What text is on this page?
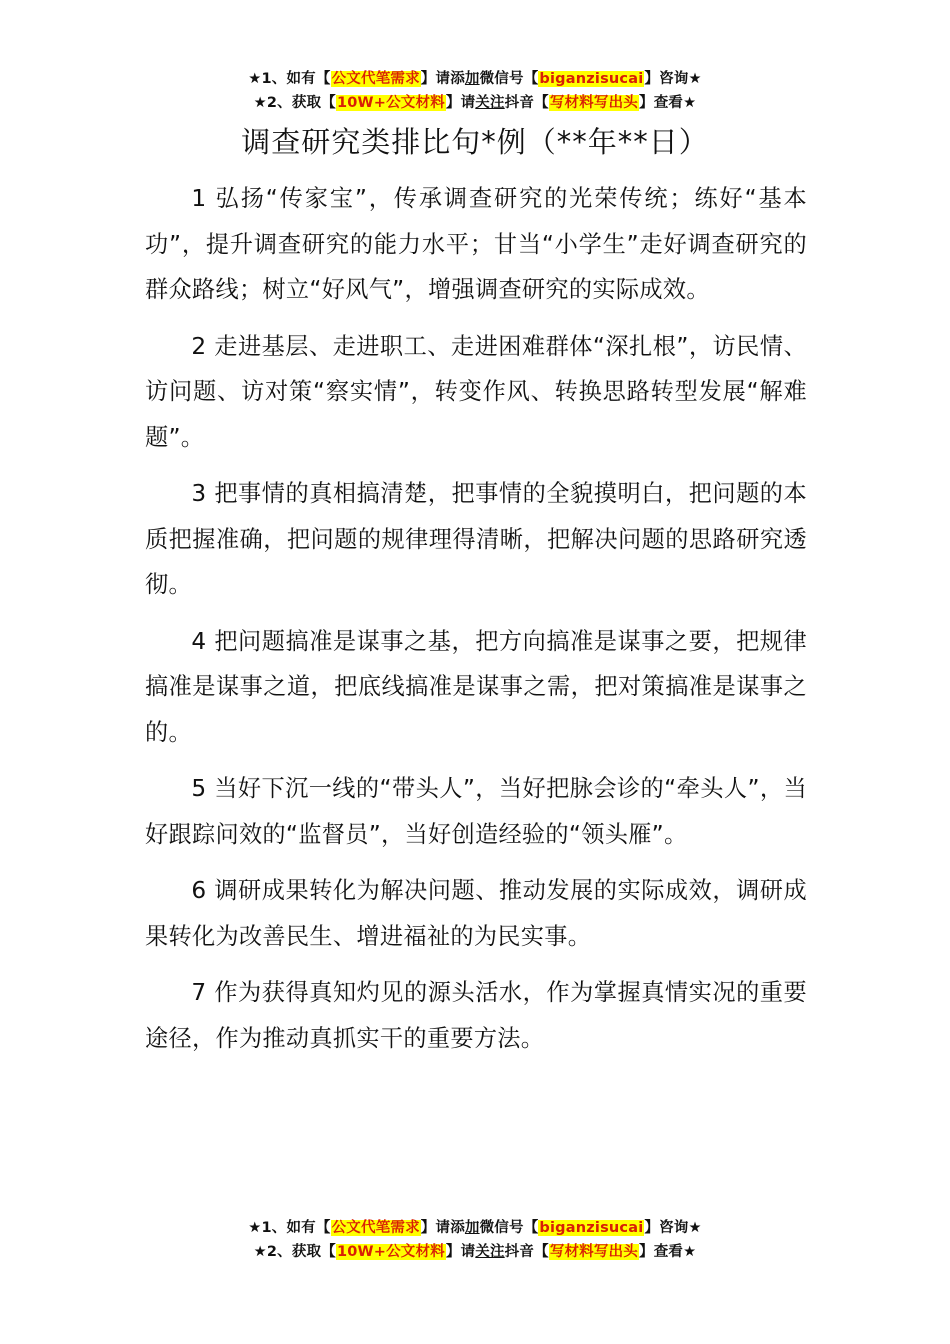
★1、如有【公文代笔需求】请添加微信号【biganzisucai】咨询★
★2、获取【10W+公文材料】请关注抖音【写材料写出头】查看★
调查研究类排比句*例（**年**日）

1 弘扬“传家宝”，传承调查研究的光荣传统；练好“基本功”，提升调查研究的能力水平；甘当“小学生”走好调查研究的群众路线；树立“好风气”，增强调查研究的实际成效。

2 走进基层、走进职工、走进困难群体“深扎根”，访民情、访问题、访对策“察实情”，转变作风、转换思路转型发展“解难题”。

3 把事情的真相搞清楚，把事情的全貌摸明白，把问题的本质把握准确，把问题的规律理得清晰，把解决问题的思路研究透彻。

4 把问题搞准是谋事之基，把方向搞准是谋事之要，把规律搞准是谋事之道，把底线搞准是谋事之需，把对策搞准是谋事之的。

5 当好下沉一线的“带头人”，当好把脉会诊的“牵头人”，当好跟踪问效的“监督员”，当好创造经验的“领头雁”。

6 调研成果转化为解决问题、推动发展的实际成效，调研成果转化为改善民生、增进福祉的为民实事。

7 作为获得真知灼见的源头活水，作为掌握真情实况的重要途径，作为推动真抓实干的重要方法。

★1、如有【公文代笔需求】请添加微信号【biganzisucai】咨询★
★2、获取【10W+公文材料】请关注抖音【写材料写出头】查看★
